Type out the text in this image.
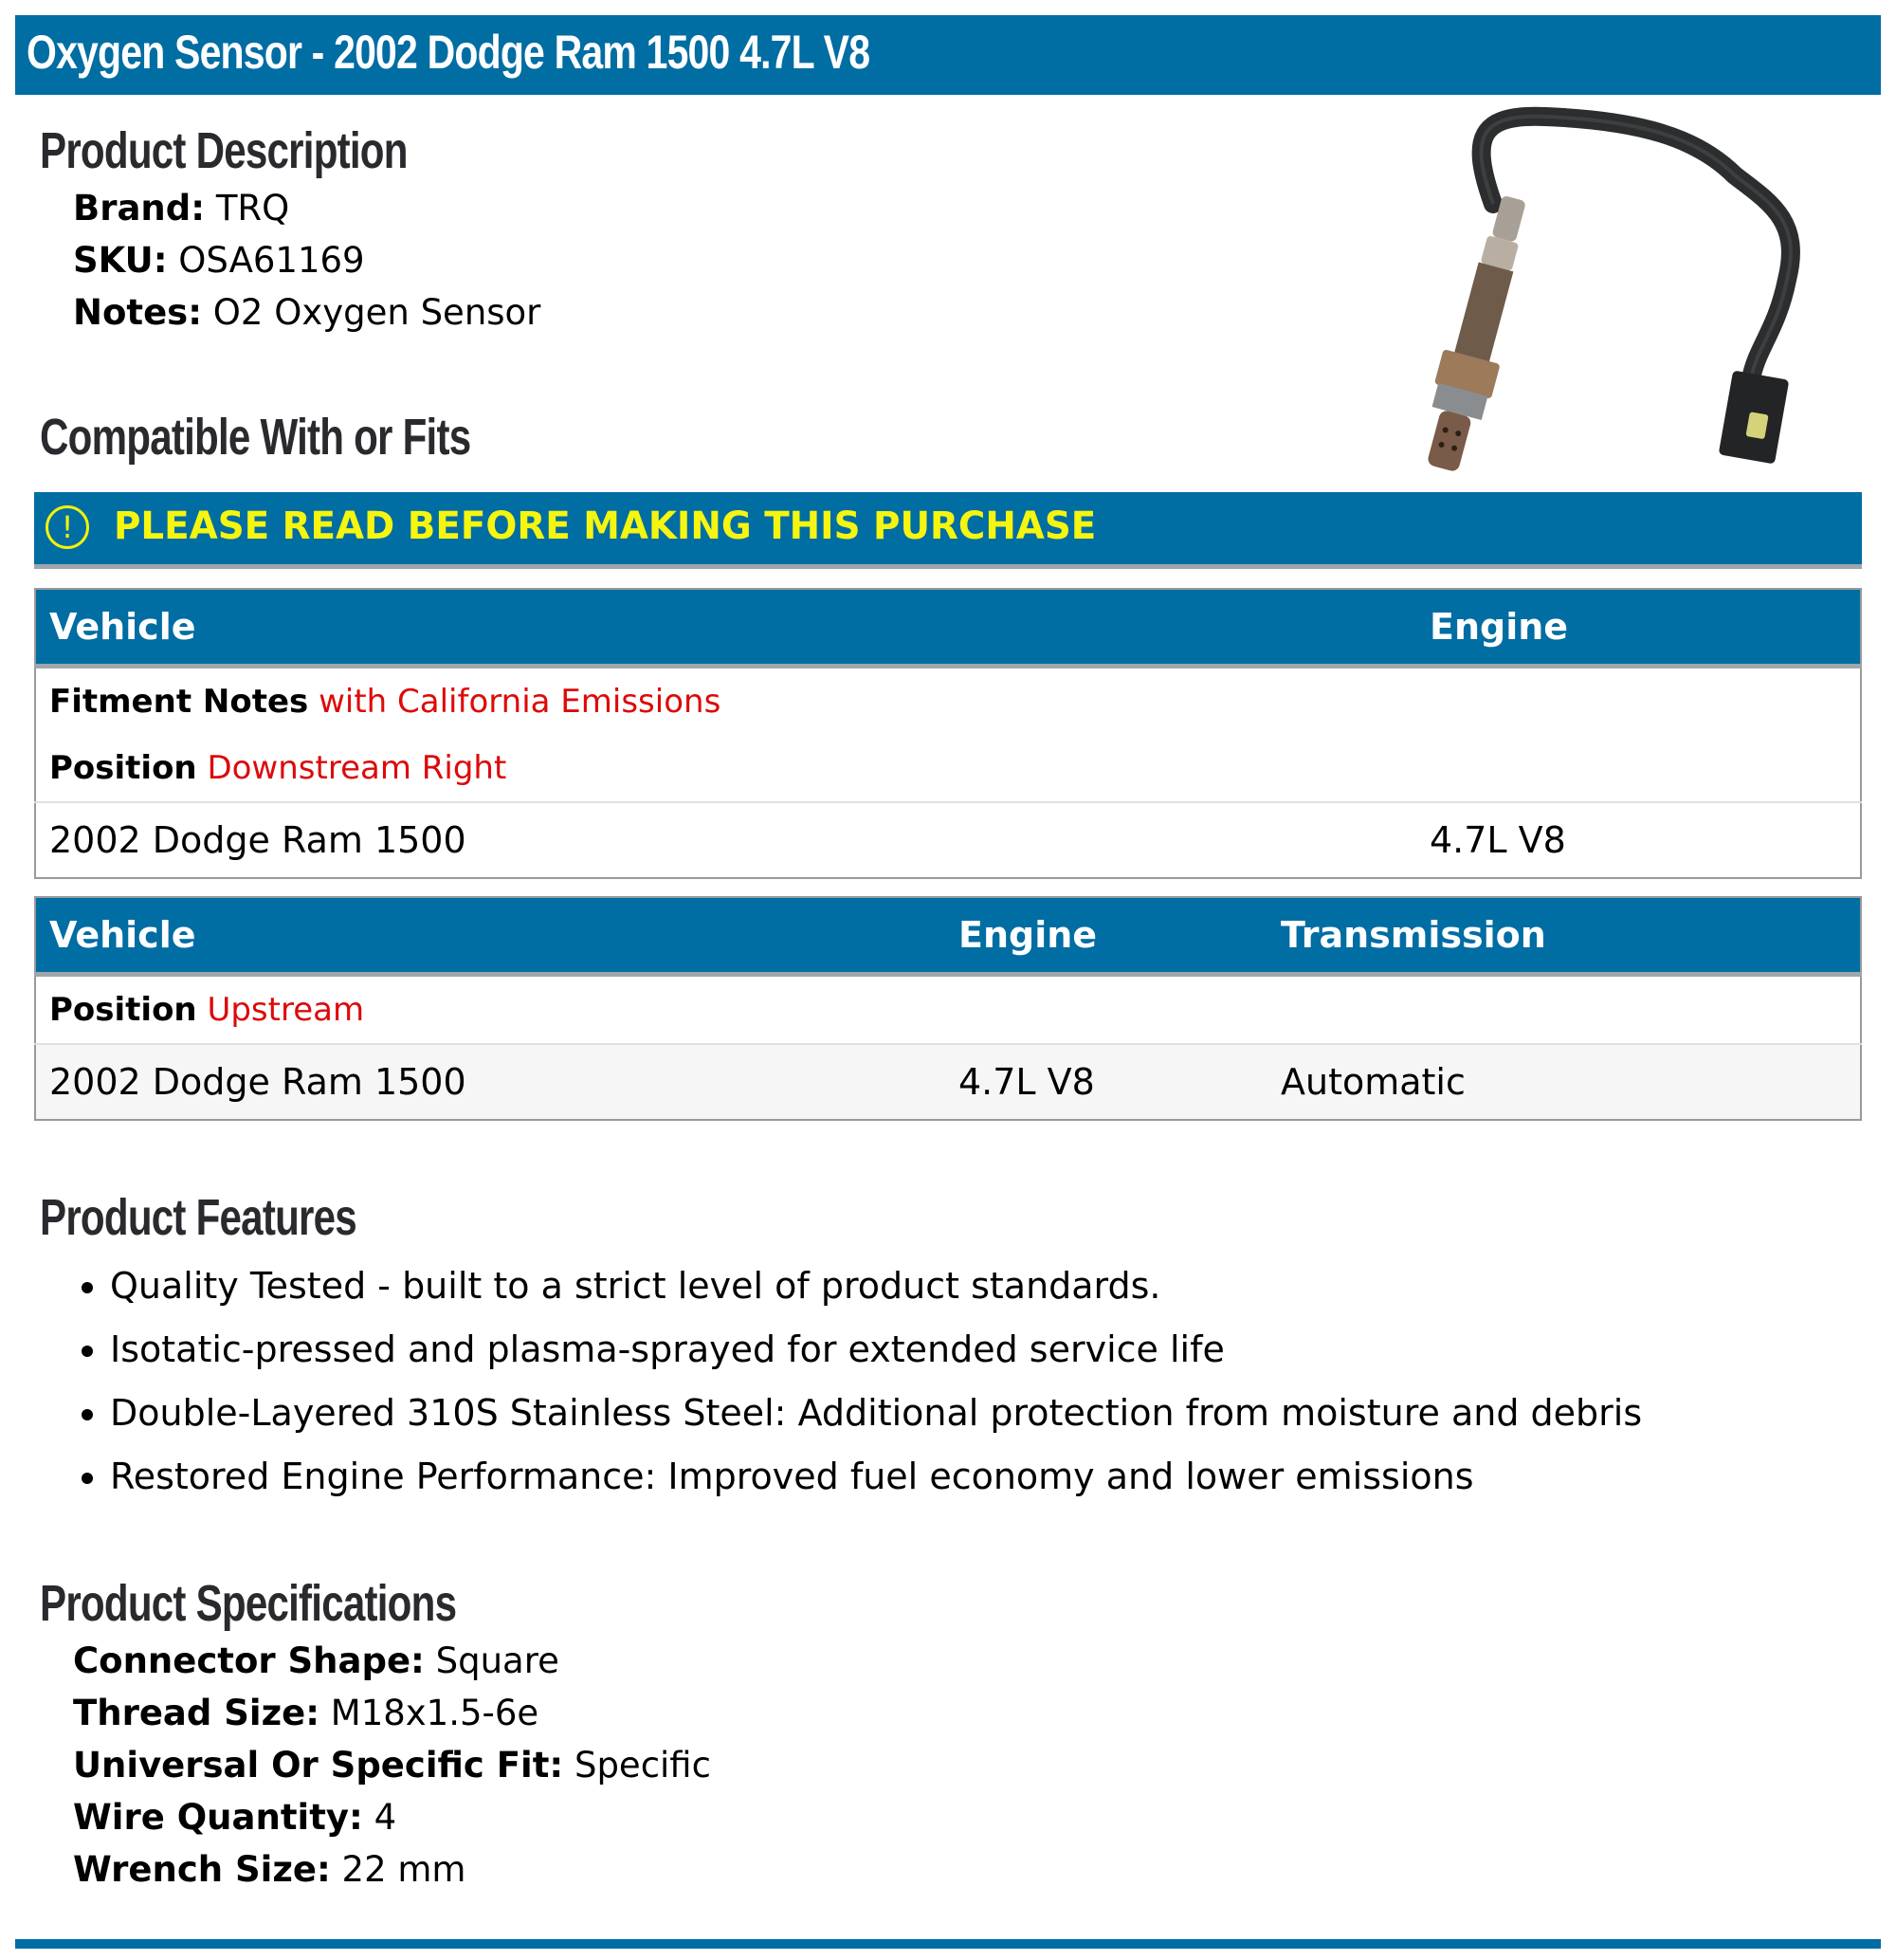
Oxygen Sensor - 2002 Dodge Ram 1500 4.7L V8
Product Description
Brand: TRQ
SKU: OSA61169
Notes: O2 Oxygen Sensor
Compatible With or Fits
!	PLEASE READ BEFORE MAKING THIS PURCHASE
Vehicle	Engine
Fitment Notes with California Emissions	
Position Downstream Right	
2002 Dodge Ram 1500	4.7L V8
Vehicle	Engine	Transmission
Position Upstream		
2002 Dodge Ram 1500	4.7L V8	Automatic
Product Features
• Quality Tested - built to a strict level of product standards.
• Isotatic-pressed and plasma-sprayed for extended service life
• Double-Layered 310S Stainless Steel: Additional protection from moisture and debris
• Restored Engine Performance: Improved fuel economy and lower emissions
Product Specifications
Connector Shape: Square
Thread Size: M18x1.5-6e
Universal Or Specific Fit: Specific
Wire Quantity: 4
Wrench Size: 22 mm
